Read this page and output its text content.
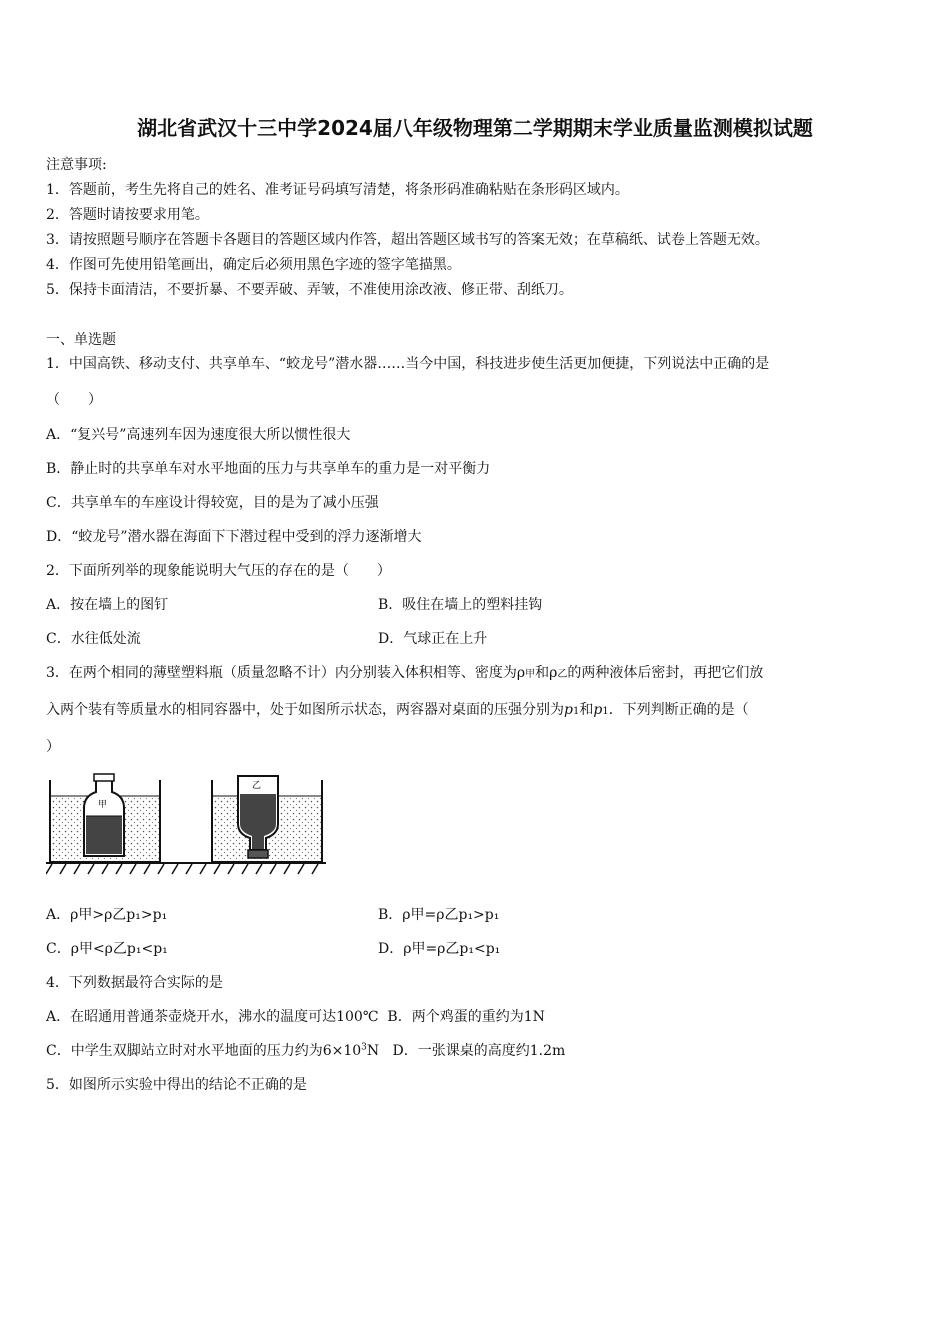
湖北省武汉十三中学2024届八年级物理第二学期期末学业质量监测模拟试题
注意事项:
1．答题前，考生先将自己的姓名、准考证号码填写清楚，将条形码准确粘贴在条形码区域内。
2．答题时请按要求用笔。
3．请按照题号顺序在答题卡各题目的答题区域内作答，超出答题区域书写的答案无效；在草稿纸、试卷上答题无效。
4．作图可先使用铅笔画出，确定后必须用黑色字迹的签字笔描黑。
5．保持卡面清洁，不要折暴、不要弄破、弄皱，不准使用涂改液、修正带、刮纸刀。
一、单选题
1．中国高铁、移动支付、共享单车、“蛟龙号”潜水器……当今中国，科技进步使生活更加便捷，下列说法中正确的是
（　　）
A．“复兴号”高速列车因为速度很大所以惯性很大
B．静止时的共享单车对水平地面的压力与共享单车的重力是一对平衡力
C．共享单车的车座设计得较宽，目的是为了减小压强
D．“蛟龙号”潜水器在海面下下潜过程中受到的浮力逐渐增大
2．下面所列举的现象能说明大气压的存在的是（　　）
A．按在墙上的图钉	B．吸住在墙上的塑料挂钩
C．水往低处流	D．气球正在上升
3．在两个相同的薄壁塑料瓶（质量忽略不计）内分别装入体积相等、密度为ρ甲和ρ乙的两种液体后密封，再把它们放
入两个装有等质量水的相同容器中，处于如图所示状态，两容器对桌面的压强分别为p1和p1．下列判断正确的是（
）
甲
乙
A．ρ甲>ρ乙p₁>p₁	B．ρ甲=ρ乙p₁>p₁
C．ρ甲<ρ乙p₁<p₁	D．ρ甲=ρ乙p₁<p₁
4．下列数据最符合实际的是
A．在昭通用普通茶壶烧开水，沸水的温度可达100℃ B．两个鸡蛋的重约为1N
C．中学生双脚站立时对水平地面的压力约为$6\times 10^3N$ D．一张课桌的高度约1.2m
5．如图所示实验中得出的结论不正确的是
